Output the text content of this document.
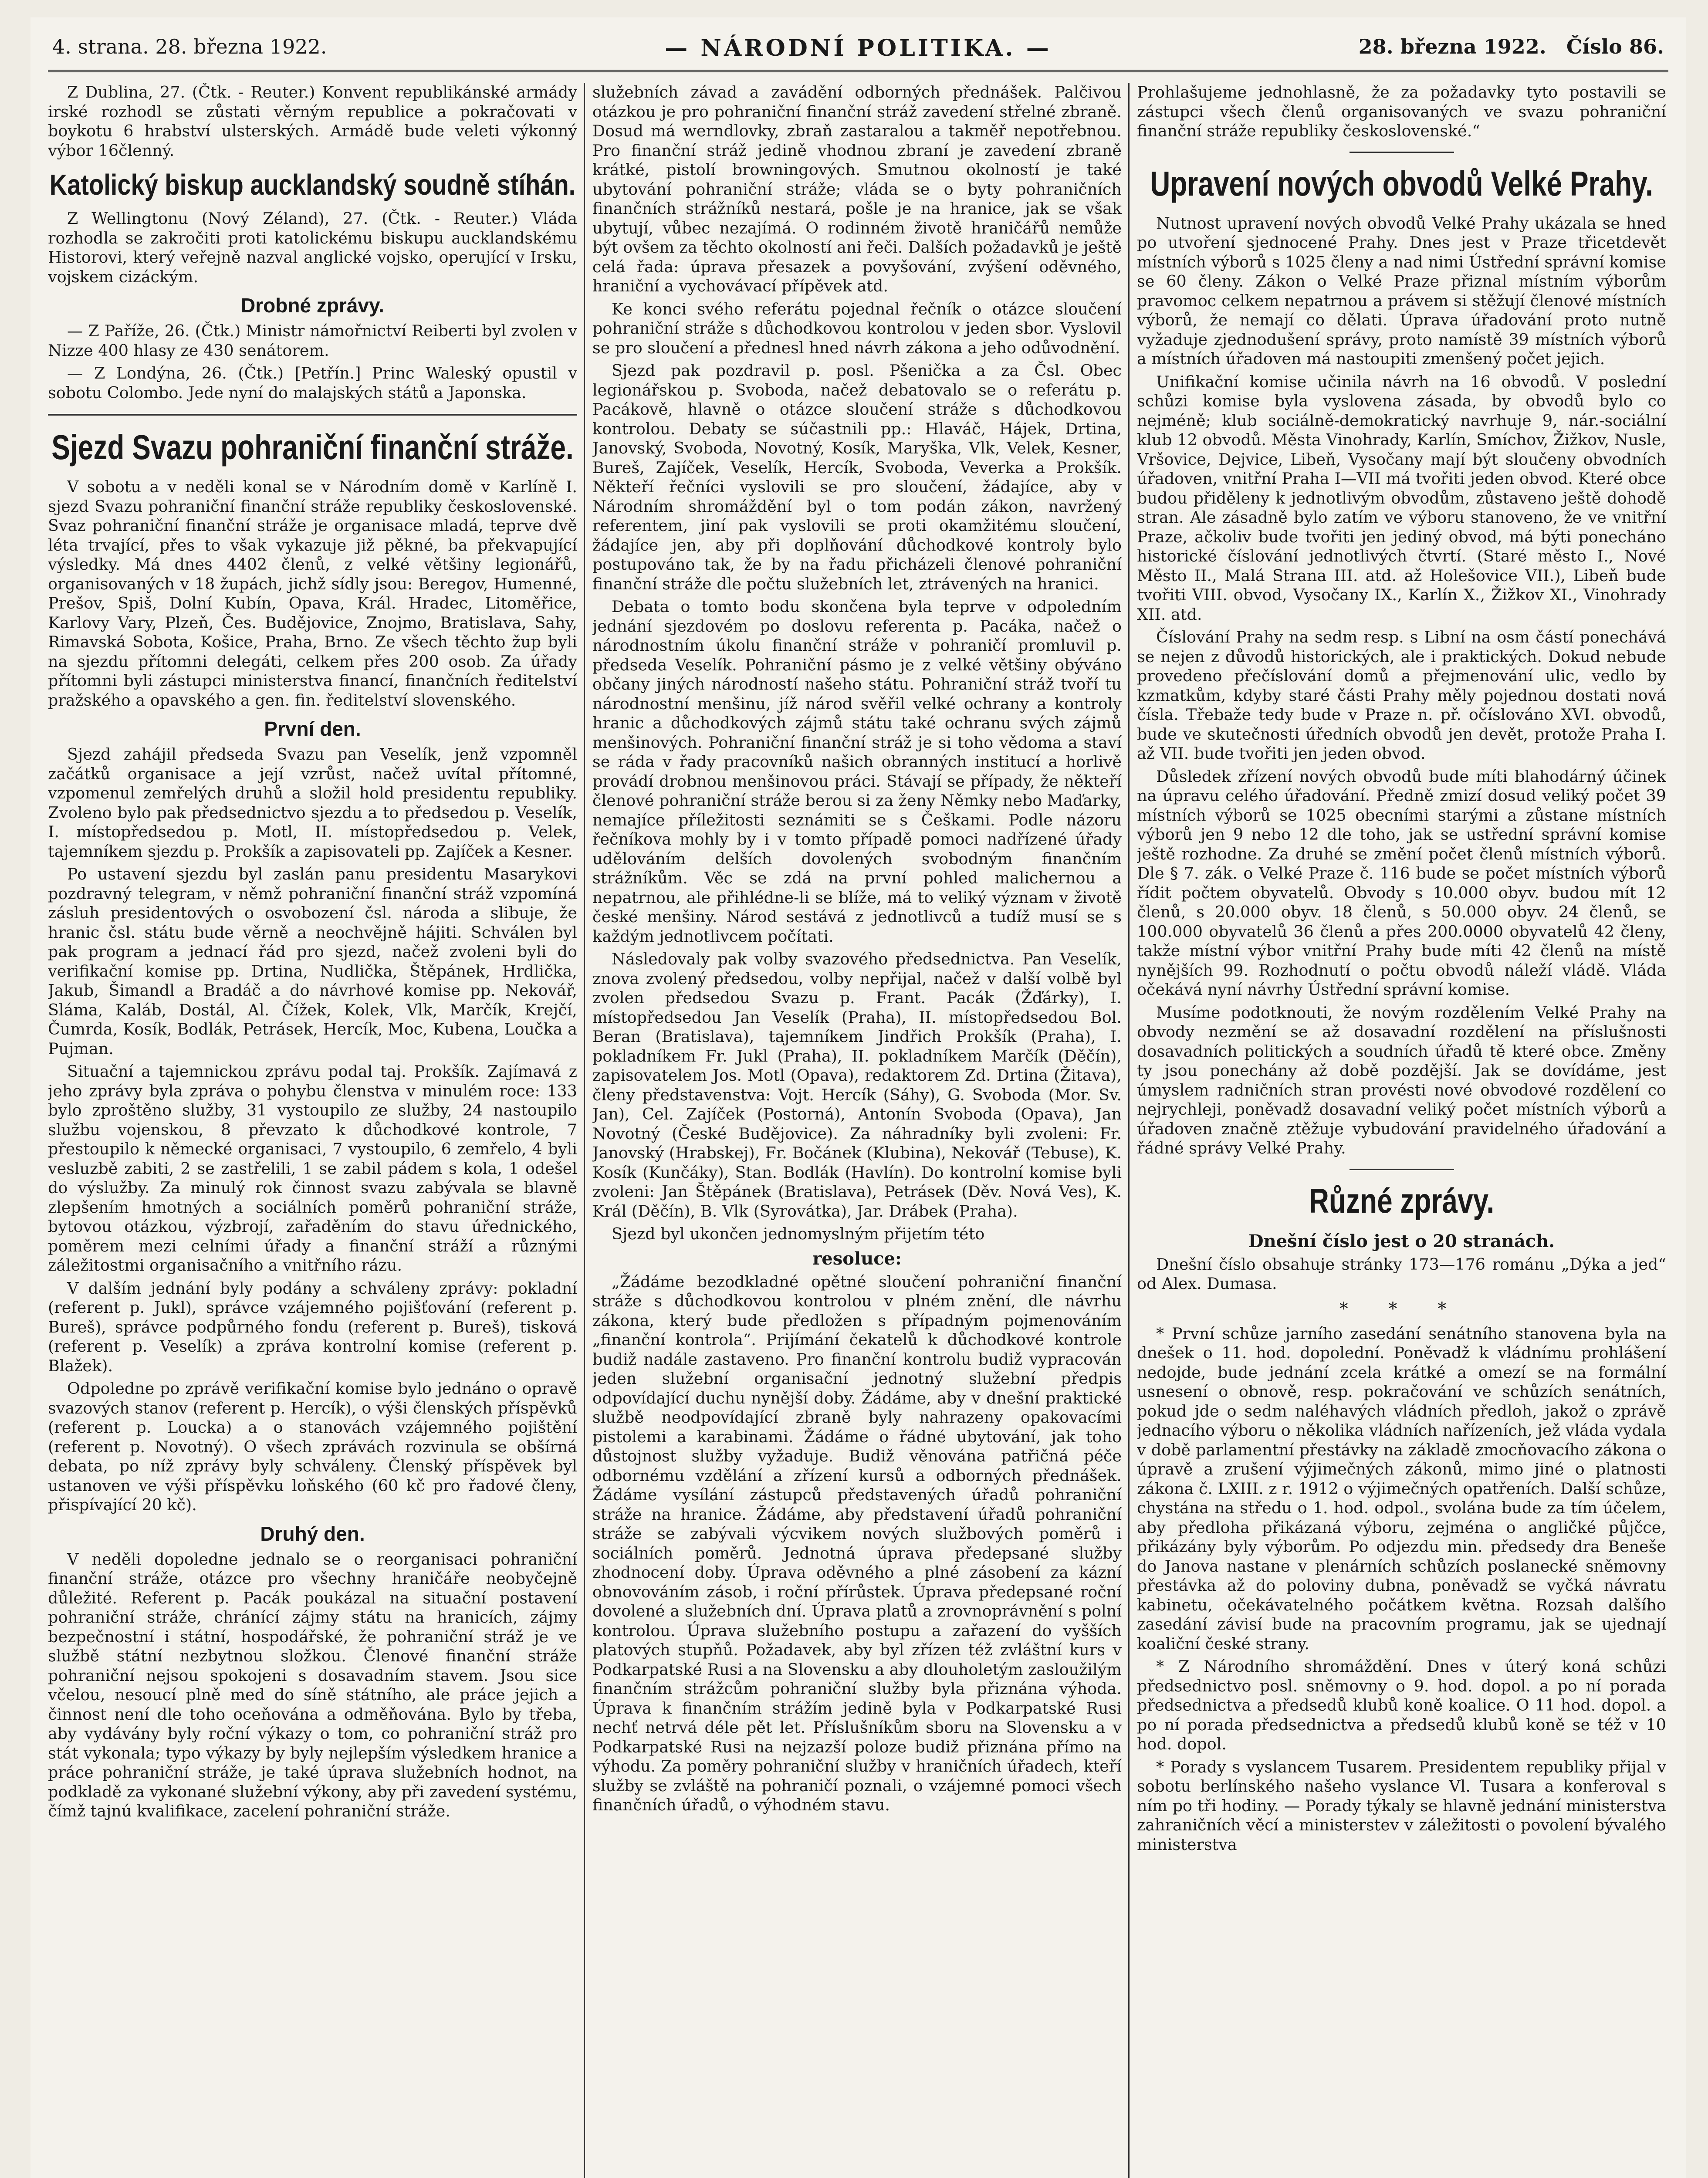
4. strana. 28. března 1922.	— NÁRODNÍ POLITIKA. —	28. března 1922. Číslo 86.

Z Dublina, 27. (Čtk. - Reuter.) Konvent republikánské armády irské rozhodl se zůstati věrným republice a pokračovati v boykotu 6 hrabství ulsterských. Armádě bude veleti výkonný výbor 16členný.

Katolický biskup aucklandský soudně stíhán.

Z Wellingtonu (Nový Zéland), 27. (Čtk. - Reuter.) Vláda rozhodla se zakročiti proti katolickému biskupu aucklandskému Historovi, který veřejně nazval anglické vojsko, operující v Irsku, vojskem cizáckým.

Drobné zprávy.

— Z Paříže, 26. (Čtk.) Ministr námořnictví Reiberti byl zvolen v Nizze 400 hlasy ze 430 senátorem.

— Z Londýna, 26. (Čtk.) [Petřín.] Princ Waleský opustil v sobotu Colombo. Jede nyní do malajských států a Japonska.

Sjezd Svazu pohraniční finanční stráže.

V sobotu a v neděli konal se v Národním domě v Karlíně I. sjezd Svazu pohraniční finanční stráže republiky československé. Svaz pohraniční finanční stráže je organisace mladá, teprve dvě léta trvající, přes to však vykazuje již pěkné, ba překvapující výsledky. Má dnes 4402 členů, z velké většiny legionářů, organisovaných v 18 župách, jichž sídly jsou: Beregov, Humenné, Prešov, Spiš, Dolní Kubín, Opava, Král. Hradec, Litoměřice, Karlovy Vary, Plzeň, Čes. Budějovice, Znojmo, Bratislava, Sahy, Rimavská Sobota, Košice, Praha, Brno. Ze všech těchto žup byli na sjezdu přítomni delegáti, celkem přes 200 osob. Za úřady přítomni byli zástupci ministerstva financí, finančních ředitelství pražského a opavského a gen. fin. ředitelství slovenského.

První den.

Sjezd zahájil předseda Svazu pan Veselík, jenž vzpomněl začátků organisace a její vzrůst, načež uvítal přítomné, vzpomenul zemřelých druhů a složil hold presidentu republiky. Zvoleno bylo pak předsednictvo sjezdu a to předsedou p. Veselík, I. místopředsedou p. Motl, II. místopředsedou p. Velek, tajemníkem sjezdu p. Prokšík a zapisovateli pp. Zajíček a Kesner.

Po ustavení sjezdu byl zaslán panu presidentu Masarykovi pozdravný telegram, v němž pohraniční finanční stráž vzpomíná zásluh presidentových o osvobození čsl. národa a slibuje, že hranic čsl. státu bude věrně a neochvějně hájiti. Schválen byl pak program a jednací řád pro sjezd, načež zvoleni byli do verifikační komise pp. Drtina, Nudlička, Štěpánek, Hrdlička, Jakub, Šimandl a Bradáč a do návrhové komise pp. Nekovář, Sláma, Kaláb, Dostál, Al. Čížek, Kolek, Vlk, Marčík, Krejčí, Čumrda, Kosík, Bodlák, Petrásek, Hercík, Moc, Kubena, Loučka a Pujman.

Situační a tajemnickou zprávu podal taj. Prokšík. Zajímavá z jeho zprávy byla zpráva o pohybu členstva v minulém roce: 133 bylo zproštěno služby, 31 vystoupilo ze služby, 24 nastoupilo službu vojenskou, 8 převzato k důchodkové kontrole, 7 přestoupilo k německé organisaci, 7 vystoupilo, 6 zemřelo, 4 byli vesluzbě zabiti, 2 se zastřelili, 1 se zabil pádem s kola, 1 odešel do výslužby. Za minulý rok činnost svazu zabývala se blavně zlepšením hmotných a sociálních poměrů pohraniční stráže, bytovou otázkou, výzbrojí, zařaděním do stavu úřednického, poměrem mezi celními úřady a finanční stráží a různými záležitostmi organisačního a vnitřního rázu.

V dalším jednání byly podány a schváleny zprávy: pokladní (referent p. Jukl), správce vzájemného pojišťování (referent p. Bureš), správce podpůrného fondu (referent p. Bureš), tisková (referent p. Veselík) a zpráva kontrolní komise (referent p. Blažek).

Odpoledne po zprávě verifikační komise bylo jednáno o opravě svazových stanov (referent p. Hercík), o výši členských příspěvků (referent p. Loucka) a o stanovách vzájemného pojištění (referent p. Novotný). O všech zprávách rozvinula se obšírná debata, po níž zprávy byly schváleny. Členský příspěvek byl ustanoven ve výši příspěvku loňského (60 kč pro řadové členy, přispívající 20 kč).

Druhý den.

V neděli dopoledne jednalo se o reorganisaci pohraniční finanční stráže, otázce pro všechny hraničáře neobyčejně důležité. Referent p. Pacák poukázal na situační postavení pohraniční stráže, chránící zájmy státu na hranicích, zájmy bezpečnostní i státní, hospodářské, že pohraniční stráž je ve službě státní nezbytnou složkou. Členové finanční stráže pohraniční nejsou spokojeni s dosavadním stavem. Jsou sice včelou, nesoucí plně med do síně státního, ale práce jejich a činnost není dle toho oceňována a odměňována. Bylo by třeba, aby vydávány byly roční výkazy o tom, co pohraniční stráž pro stát vykonala; typo výkazy by byly nejlepším výsledkem hranice a práce pohraniční stráže, je také úprava služebních hodnot, na podkladě za vykonané služební výkony, aby při zavedení systému, čímž tajnú kvalifikace, zacelení pohraniční stráže.

služebních závad a zavádění odborných přednášek. Palčivou otázkou je pro pohraniční finanční stráž zavedení střelné zbraně. Dosud má werndlovky, zbraň zastaralou a takměř nepotřebnou. Pro finanční stráž jedině vhodnou zbraní je zavedení zbraně krátké, pistolí browningových. Smutnou okolností je také ubytování pohraniční stráže; vláda se o byty pohraničních finančních strážníků nestará, pošle je na hranice, jak se však ubytují, vůbec nezajímá. O rodinném životě hraničářů nemůže být ovšem za těchto okolností ani řeči. Dalších požadavků je ještě celá řada: úprava přesazek a povyšování, zvýšení oděvného, hraniční a vychovávací přípěvek atd.

Ke konci svého referátu pojednal řečník o otázce sloučení pohraniční stráže s důchodkovou kontrolou v jeden sbor. Vyslovil se pro sloučení a přednesl hned návrh zákona a jeho odůvodnění.

Sjezd pak pozdravil p. posl. Pšenička a za Čsl. Obec legionářskou p. Svoboda, načež debatovalo se o referátu p. Pacákově, hlavně o otázce sloučení stráže s důchodkovou kontrolou. Debaty se súčastnili pp.: Hlaváč, Hájek, Drtina, Janovský, Svoboda, Novotný, Kosík, Maryška, Vlk, Velek, Kesner, Bureš, Zajíček, Veselík, Hercík, Svoboda, Veverka a Prokšík. Někteří řečníci vyslovili se pro sloučení, žádajíce, aby v Národním shromáždění byl o tom podán zákon, navržený referentem, jiní pak vyslovili se proti okamžitému sloučení, žádajíce jen, aby při doplňování důchodkové kontroly bylo postupováno tak, že by na řadu přicházeli členové pohraniční finanční stráže dle počtu služebních let, ztrávených na hranici.

Debata o tomto bodu skončena byla teprve v odpoledním jednání sjezdovém po doslovu referenta p. Pacáka, načež o národnostním úkolu finanční stráže v pohraničí promluvil p. předseda Veselík. Pohraniční pásmo je z velké většiny obýváno občany jiných národností našeho státu. Pohraniční stráž tvoří tu národnostní menšinu, jíž národ svěřil velké ochrany a kontroly hranic a důchodkových zájmů státu také ochranu svých zájmů menšinových. Pohraniční finanční stráž je si toho vědoma a staví se ráda v řady pracovníků našich obranných institucí a horlivě provádí drobnou menšinovou práci. Stávají se případy, že někteří členové pohraniční stráže berou si za ženy Němky nebo Maďarky, nemajíce příležitosti seznámiti se s Češkami. Podle názoru řečníkova mohly by i v tomto případě pomoci nadřízené úřady udělováním delších dovolených svobodným finančním strážníkům. Věc se zdá na první pohled malichernou a nepatrnou, ale přihlédne-li se blíže, má to veliký význam v životě české menšiny. Národ sestává z jednotlivců a tudíž musí se s každým jednotlivcem počítati.

Následovaly pak volby svazového předsednictva. Pan Veselík, znova zvolený předsedou, volby nepřijal, načež v další volbě byl zvolen předsedou Svazu p. Frant. Pacák (Žďárky), I. místopředsedou Jan Veselík (Praha), II. místopředsedou Bol. Beran (Bratislava), tajemníkem Jindřich Prokšík (Praha), I. pokladníkem Fr. Jukl (Praha), II. pokladníkem Marčík (Děčín), zapisovatelem Jos. Motl (Opava), redaktorem Zd. Drtina (Žitava), členy představenstva: Vojt. Hercík (Sáhy), G. Svoboda (Mor. Sv. Jan), Cel. Zajíček (Postorná), Antonín Svoboda (Opava), Jan Novotný (České Budějovice). Za náhradníky byli zvoleni: Fr. Janovský (Hrabskej), Fr. Bočánek (Klubina), Nekovář (Tebuse), K. Kosík (Kunčáky), Stan. Bodlák (Havlín). Do kontrolní komise byli zvoleni: Jan Štěpánek (Bratislava), Petrásek (Děv. Nová Ves), K. Král (Děčín), B. Vlk (Syrovátka), Jar. Drábek (Praha).

Sjezd byl ukončen jednomyslným přijetím této

resoluce:

„Žádáme bezodkladné opětné sloučení pohraniční finanční stráže s důchodkovou kontrolou v plném znění, dle návrhu zákona, který bude předložen s případným pojmenováním „finanční kontrola“. Prijímání čekatelů k důchodkové kontrole budiž nadále zastaveno. Pro finanční kontrolu budiž vypracován jeden služební organisační jednotný služební předpis odpovídající duchu nynější doby. Žádáme, aby v dnešní praktické službě neodpovídající zbraně byly nahrazeny opakovacími pistolemi a karabinami. Žádáme o řádné ubytování, jak toho důstojnost služby vyžaduje. Budiž věnována patřičná péče odbornému vzdělání a zřízení kursů a odborných přednášek. Žádáme vysílání zástupců představených úřadů pohraniční stráže na hranice. Žádáme, aby představení úřadů pohraniční stráže se zabývali výcvikem nových službových poměrů i sociálních poměrů. Jednotná úprava předepsané služby zhodnocení doby. Úprava oděvného a plné zásobení za kázní obnovováním zásob, i roční přírůstek. Úprava předepsané roční dovolené a služebních dní. Úprava platů a zrovnoprávnění s polní kontrolou. Úprava služebního postupu a zařazení do vyšších platových stupňů. Požadavek, aby byl zřízen též zvláštní kurs v Podkarpatské Rusi a na Slovensku a aby dlouholetým zasloužilým finančním strážcům pohraniční služby byla přiznána výhoda. Úprava k finančním strážím jedině byla v Podkarpatské Rusi nechť netrvá déle pět let. Příslušníkům sboru na Slovensku a v Podkarpatské Rusi na nejzazší poloze budiž přiznána přímo na výhodu. Za poměry pohraniční služby v hraničních úřadech, kteří služby se zvláště na pohraničí poznali, o vzájemné pomoci všech finančních úřadů, o výhodném stavu.

Prohlašujeme jednohlasně, že za požadavky tyto postavili se zástupci všech členů organisovaných ve svazu pohraniční finanční stráže republiky československé.“

Upravení nových obvodů Velké Prahy.

Nutnost upravení nových obvodů Velké Prahy ukázala se hned po utvoření sjednocené Prahy. Dnes jest v Praze třicetdevět místních výborů s 1025 členy a nad nimi Ústřední správní komise se 60 členy. Zákon o Velké Praze přiznal místním výborům pravomoc celkem nepatrnou a právem si stěžují členové místních výborů, že nemají co dělati. Úprava úřadování proto nutně vyžaduje zjednodušení správy, proto namístě 39 místních výborů a místních úřadoven má nastoupiti zmenšený počet jejich.

Unifikační komise učinila návrh na 16 obvodů. V poslední schůzi komise byla vyslovena zásada, by obvodů bylo co nejméně; klub sociálně-demokratický navrhuje 9, nár.-sociální klub 12 obvodů. Města Vinohrady, Karlín, Smíchov, Žižkov, Nusle, Vršovice, Dejvice, Libeň, Vysočany mají být sloučeny obvodních úřadoven, vnitřní Praha I—VII má tvořiti jeden obvod. Které obce budou přiděleny k jednotlivým obvodům, zůstaveno ještě dohodě stran. Ale zásadně bylo zatím ve výboru stanoveno, že ve vnitřní Praze, ačkoliv bude tvořiti jen jediný obvod, má býti ponecháno historické číslování jednotlivých čtvrtí. (Staré město I., Nové Město II., Malá Strana III. atd. až Holešovice VII.), Libeň bude tvořiti VIII. obvod, Vysočany IX., Karlín X., Žižkov XI., Vinohrady XII. atd.

Číslování Prahy na sedm resp. s Libní na osm částí ponechává se nejen z důvodů historických, ale i praktických. Dokud nebude provedeno přečíslování domů a přejmenování ulic, vedlo by kzmatkům, kdyby staré části Prahy měly pojednou dostati nová čísla. Třebaže tedy bude v Praze n. př. očíslováno XVI. obvodů, bude ve skutečnosti úředních obvodů jen devět, protože Praha I. až VII. bude tvořiti jen jeden obvod.

Důsledek zřízení nových obvodů bude míti blahodárný účinek na úpravu celého úřadování. Předně zmizí dosud veliký počet 39 místních výborů se 1025 obecními starými a zůstane místních výborů jen 9 nebo 12 dle toho, jak se ustřední správní komise ještě rozhodne. Za druhé se změní počet členů místních výborů. Dle § 7. zák. o Velké Praze č. 116 bude se počet místních výborů řídit počtem obyvatelů. Obvody s 10.000 obyv. budou mít 12 členů, s 20.000 obyv. 18 členů, s 50.000 obyv. 24 členů, se 100.000 obyvatelů 36 členů a přes 200.0000 obyvatelů 42 členy, takže místní výbor vnitřní Prahy bude míti 42 členů na místě nynějších 99. Rozhodnutí o počtu obvodů náleží vládě. Vláda očekává nyní návrhy Ústřední správní komise.

Musíme podotknouti, že novým rozdělením Velké Prahy na obvody nezmění se až dosavadní rozdělení na příslušnosti dosavadních politických a soudních úřadů tě které obce. Změny ty jsou ponechány až době pozdější. Jak se dovídáme, jest úmyslem radničních stran provésti nové obvodové rozdělení co nejrychleji, poněvadž dosavadní veliký počet místních výborů a úřadoven značně ztěžuje vybudování pravidelného úřadování a řádné správy Velké Prahy.

Různé zprávy.
Dnešní číslo jest o 20 stranách.

Dnešní číslo obsahuje stránky 173—176 románu „Dýka a jed“ od Alex. Dumasa.

* * *

* První schůze jarního zasedání senátního stanovena byla na dnešek o 11. hod. dopolední. Poněvadž k vládnímu prohlášení nedojde, bude jednání zcela krátké a omezí se na formální usnesení o obnově, resp. pokračování ve schůzích senátních, pokud jde o sedm naléhavých vládních předloh, jakož o zprávě jednacího výboru o několika vládních nařízeních, jež vláda vydala v době parlamentní přestávky na základě zmocňovacího zákona o úpravě a zrušení výjimečných zákonů, mimo jiné o platnosti zákona č. LXIII. z r. 1912 o výjimečných opatřeních. Další schůze, chystána na středu o 1. hod. odpol., svolána bude za tím účelem, aby předloha přikázaná výboru, zejména o angličké půjčce, přikázány byly výborům. Po odjezdu min. předsedy dra Beneše do Janova nastane v plenárních schůzích poslanecké sněmovny přestávka až do poloviny dubna, poněvadž se vyčká návratu kabinetu, očekávatelného počátkem května. Rozsah dalšího zasedání závisí bude na pracovním programu, jak se ujednají koaliční české strany.

* Z Národního shromáždění. Dnes v úterý koná schůzi předsednictvo posl. sněmovny o 9. hod. dopol. a po ní porada předsednictva a předsedů klubů koně koalice. O 11 hod. dopol. a po ní porada předsednictva a předsedů klubů koně se též v 10 hod. dopol.

* Porady s vyslancem Tusarem. Presidentem republiky přijal v sobotu berlínského našeho vyslance Vl. Tusara a konferoval s ním po tři hodiny. — Porady týkaly se hlavně jednání ministerstva zahraničních věcí a ministerstev v záležitosti o povolení bývalého ministerstva
